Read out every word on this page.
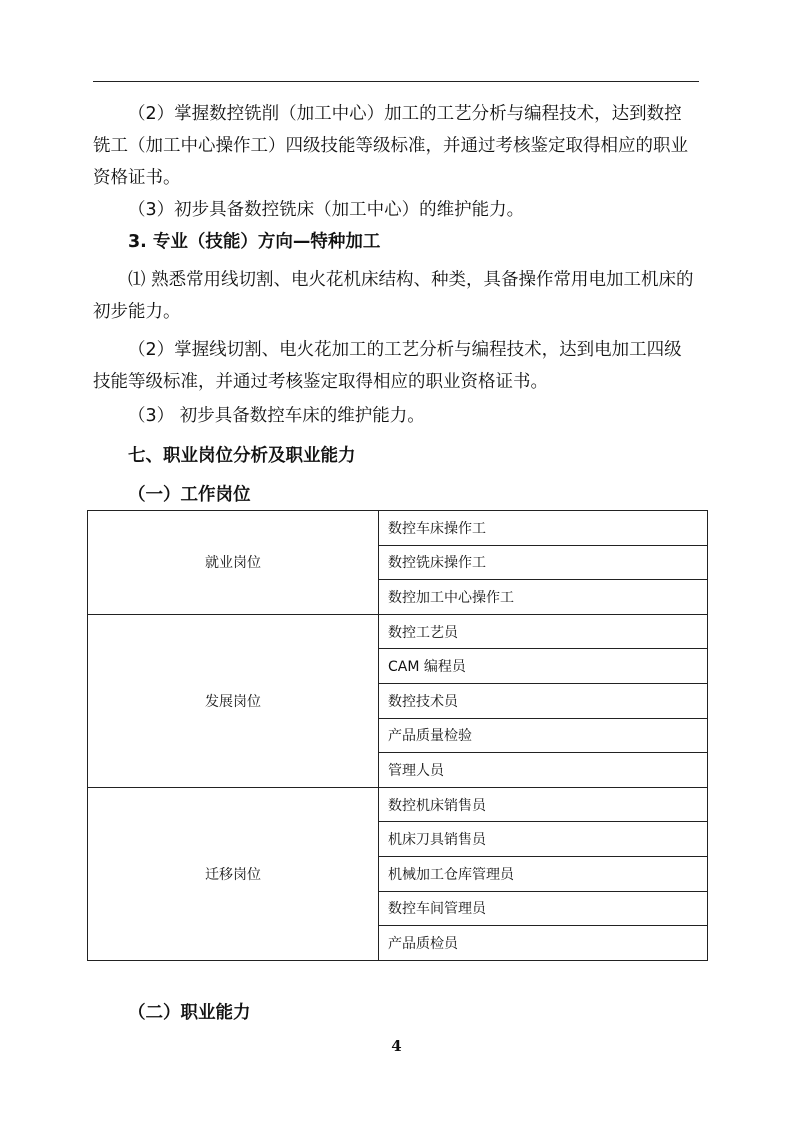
（2）掌握数控铣削（加工中心）加工的工艺分析与编程技术，达到数控铣工（加工中心操作工）四级技能等级标准，并通过考核鉴定取得相应的职业资格证书。

（3）初步具备数控铣床（加工中心）的维护能力。

3. 专业（技能）方向—特种加工

⑴ 熟悉常用线切割、电火花机床结构、种类，具备操作常用电加工机床的初步能力。

（2）掌握线切割、电火花加工的工艺分析与编程技术，达到电加工四级技能等级标准，并通过考核鉴定取得相应的职业资格证书。

（3） 初步具备数控车床的维护能力。

七、职业岗位分析及职业能力

（一）工作岗位

就业岗位	数控车床操作工
	数控铣床操作工
	数控加工中心操作工
发展岗位	数控工艺员
	CAM 编程员
	数控技术员
	产品质量检验
	管理人员
迁移岗位	数控机床销售员
	机床刀具销售员
	机械加工仓库管理员
	数控车间管理员
	产品质检员

（二）职业能力

4
